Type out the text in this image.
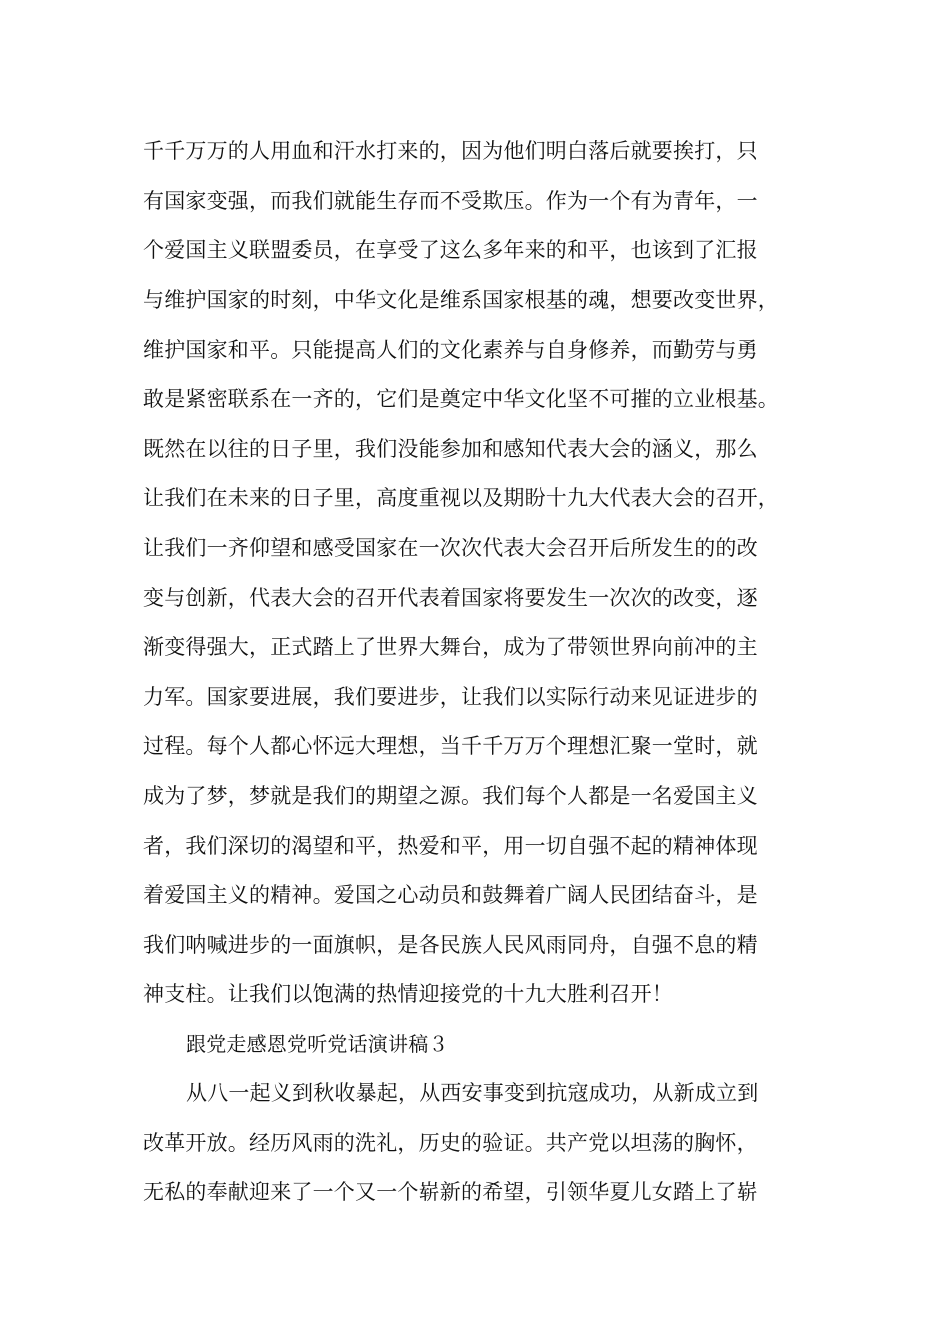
千千万万的人用血和汗水打来的，因为他们明白落后就要挨打，只
有国家变强，而我们就能生存而不受欺压。作为一个有为青年，一
个爱国主义联盟委员，在享受了这么多年来的和平，也该到了汇报
与维护国家的时刻，中华文化是维系国家根基的魂，想要改变世界，
维护国家和平。只能提高人们的文化素养与自身修养，而勤劳与勇
敢是紧密联系在一齐的，它们是奠定中华文化坚不可摧的立业根基。
既然在以往的日子里，我们没能参加和感知代表大会的涵义，那么
让我们在未来的日子里，高度重视以及期盼十九大代表大会的召开，
让我们一齐仰望和感受国家在一次次代表大会召开后所发生的的改
变与创新，代表大会的召开代表着国家将要发生一次次的改变，逐
渐变得强大，正式踏上了世界大舞台，成为了带领世界向前冲的主
力军。国家要进展，我们要进步，让我们以实际行动来见证进步的
过程。每个人都心怀远大理想，当千千万万个理想汇聚一堂时，就
成为了梦，梦就是我们的期望之源。我们每个人都是一名爱国主义
者，我们深切的渴望和平，热爱和平，用一切自强不起的精神体现
着爱国主义的精神。爱国之心动员和鼓舞着广阔人民团结奋斗，是
我们呐喊进步的一面旗帜，是各民族人民风雨同舟，自强不息的精
神支柱。让我们以饱满的热情迎接党的十九大胜利召开！
跟党走感恩党听党话演讲稿３
从八一起义到秋收暴起，从西安事变到抗寇成功，从新成立到
改革开放。经历风雨的洗礼，历史的验证。共产党以坦荡的胸怀，
无私的奉献迎来了一个又一个崭新的希望，引领华夏儿女踏上了崭
